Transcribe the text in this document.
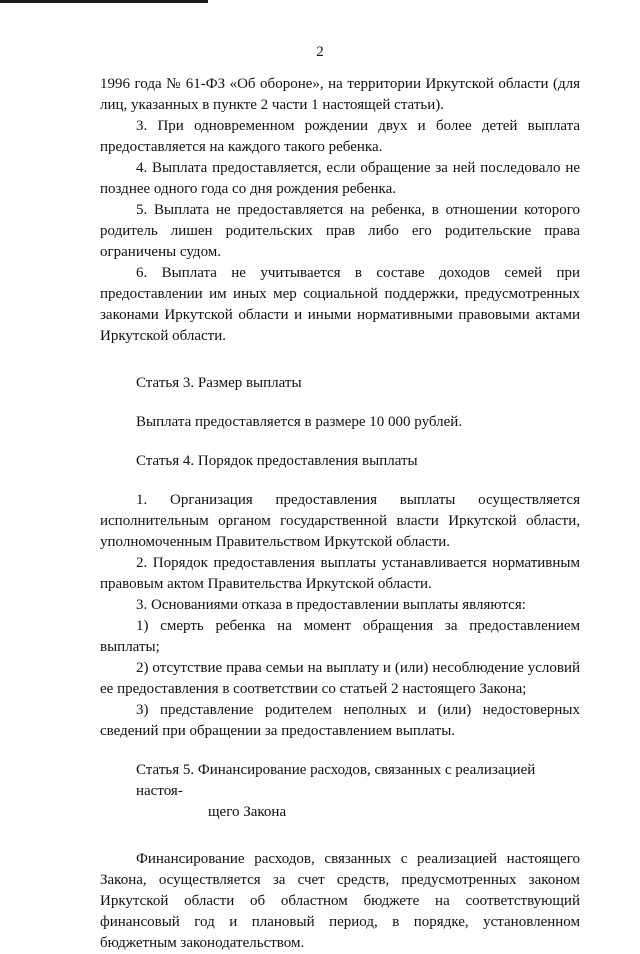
2

1996 года № 61-ФЗ «Об обороне», на территории Иркутской области (для лиц, указанных в пункте 2 части 1 настоящей статьи).

3. При одновременном рождении двух и более детей выплата предоставляется на каждого такого ребенка.

4. Выплата предоставляется, если обращение за ней последовало не позднее одного года со дня рождения ребенка.

5. Выплата не предоставляется на ребенка, в отношении которого родитель лишен родительских прав либо его родительские права ограничены судом.

6. Выплата не учитывается в составе доходов семей при предоставлении им иных мер социальной поддержки, предусмотренных законами Иркутской области и иными нормативными правовыми актами Иркутской области.

Статья 3. Размер выплаты

Выплата предоставляется в размере 10 000 рублей.

Статья 4. Порядок предоставления выплаты

1. Организация предоставления выплаты осуществляется исполнительным органом государственной власти Иркутской области, уполномоченным Правительством Иркутской области.

2. Порядок предоставления выплаты устанавливается нормативным правовым актом Правительства Иркутской области.

3. Основаниями отказа в предоставлении выплаты являются:

1) смерть ребенка на момент обращения за предоставлением выплаты;

2) отсутствие права семьи на выплату и (или) несоблюдение условий ее предоставления в соответствии со статьей 2 настоящего Закона;

3) представление родителем неполных и (или) недостоверных сведений при обращении за предоставлением выплаты.

Статья 5. Финансирование расходов, связанных с реализацией настоя-
щего Закона

Финансирование расходов, связанных с реализацией настоящего Закона, осуществляется за счет средств, предусмотренных законом Иркутской области об областном бюджете на соответствующий финансовый год и плановый период, в порядке, установленном бюджетным законодательством.
